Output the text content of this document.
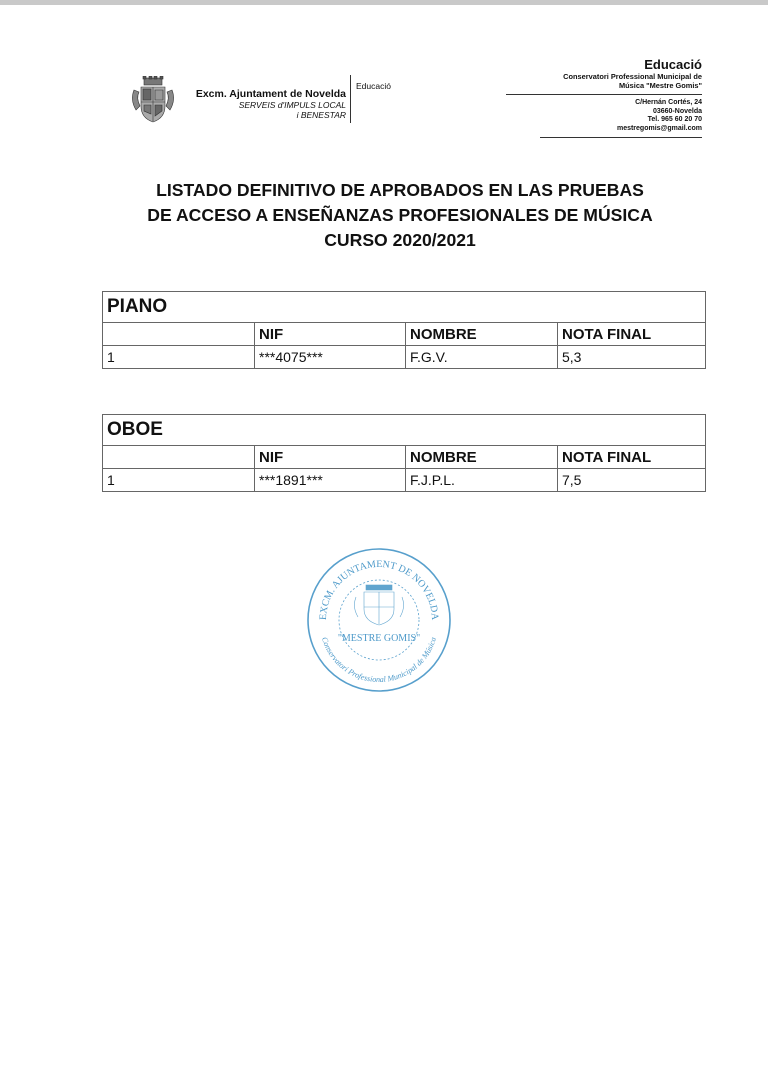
Excm. Ajuntament de Novelda
SERVEIS d'IMPULS LOCAL
i BENESTAR
Educació
Educació
Conservatori Professional Municipal de
Música "Mestre Gomis"
C/Hernán Cortés, 24
03660-Novelda
Tel. 965 60 20 70
mestregomis@gmail.com
LISTADO DEFINITIVO DE APROBADOS EN LAS PRUEBAS
DE ACCESO A ENSEÑANZAS PROFESIONALES DE MÚSICA
CURSO 2020/2021
PIANO			
	NIF	NOMBRE	NOTA FINAL
1	***4075***	F.G.V.	5,3
OBOE			
	NIF	NOMBRE	NOTA FINAL
1	***1891***	F.J.P.L.	7,5
EXCM. AJUNTAMENT DE NOVELDA
"MESTRE GOMIS"
Conservatori Professional Municipal de Música
